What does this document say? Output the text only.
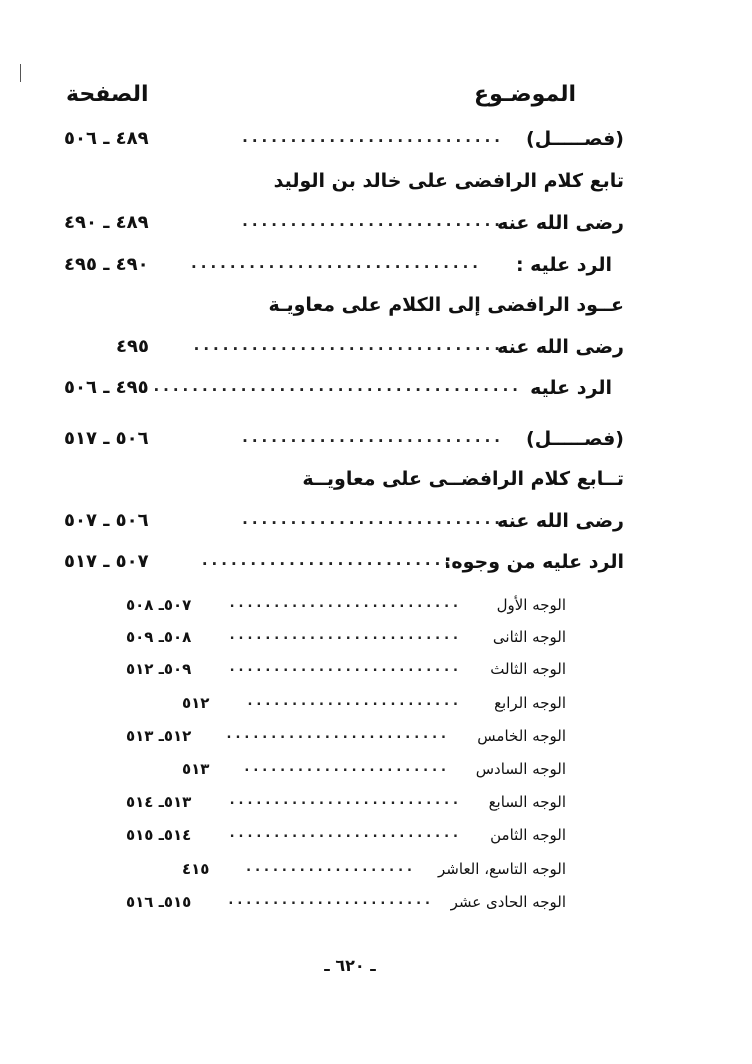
الموضـوع
الصفحة
(فصـــــل)
...........................
٤٨٩ ـ ٥٠٦
تابع كلام الرافضى على خالد بن الوليد
رضى الله عنه
...........................
٤٨٩ ـ ٤٩٠
الرد عليه :
..............................
٤٩٠ ـ ٤٩٥
عــود الرافضى إلى الكلام على معاويـة
رضى الله عنه
................................
٤٩٥
الرد عليه
......................................
٤٩٥ ـ ٥٠٦
(فصـــــل)
...........................
٥٠٦ ـ ٥١٧
تــابع كلام الرافضــى على معاويــة
رضى الله عنه
...........................
٥٠٦ ـ ٥٠٧
الرد عليه من وجوه:
..........................
٥٠٧ ـ ٥١٧
الوجه الأول
..........................
٥٠٧ـ ٥٠٨
الوجه الثانى
..........................
٥٠٨ـ ٥٠٩
الوجه الثالث
..........................
٥٠٩ـ ٥١٢
الوجه الرابع
........................
٥١٢
الوجه الخامس
.........................
٥١٢ـ ٥١٣
الوجه السادس
.......................
٥١٣
الوجه السابع
..........................
٥١٣ـ ٥١٤
الوجه الثامن
..........................
٥١٤ـ ٥١٥
الوجه التاسع، العاشر
...................
٤١٥
الوجه الحادى عشر
.......................
٥١٥ـ ٥١٦
ـ ٦٢٠ ـ
